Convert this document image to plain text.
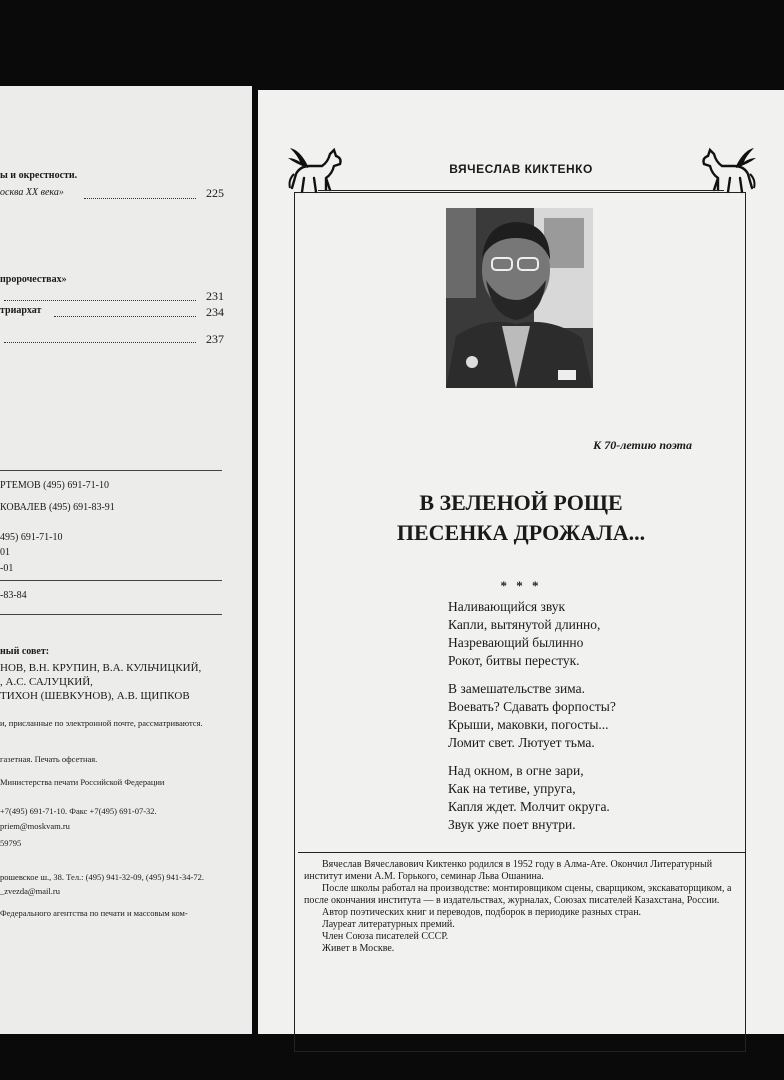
ы и окрестности.
осква XX века»	225
пророчествах»
231
триархат	234
237
РТЕМОВ (495) 691-71-10
КОВАЛЕВ (495) 691-83-91
495) 691-71-10
01
-01
-83-84
ный совет:
НОВ, В.Н. КРУПИН, В.А. КУЛЬЧИЦКИЙ,
, А.С. САЛУЦКИЙ,
ТИХОН (ШЕВКУНОВ), А.В. ЩИПКОВ
и, присланные по электронной почте, рассматриваются.
газетная. Печать офсетная.
Министерства печати Российской Федерации
+7(495) 691-71-10. Факс +7(495) 691-07-32.
priem@moskvam.ru
59795
рошевское ш., 38. Тел.: (495) 941-32-09, (495) 941-34-72.
_zvezda@mail.ru
Федерального агентства по печати и массовым ком-
ВЯЧЕСЛАВ КИКТЕНКО
К 70-летию поэта
В ЗЕЛЕНОЙ РОЩЕ
ПЕСЕНКА ДРОЖАЛА...
* * *
Наливающийся звук
Капли, вытянутой длинно,
Назревающий былинно
Рокот, битвы перестук.
В замешательстве зима.
Воевать? Сдавать форпосты?
Крыши, маковки, погосты...
Ломит свет. Лютует тьма.
Над окном, в огне зари,
Как на тетиве, упруга,
Капля ждет. Молчит округа.
Звук уже поет внутри.

Вячеслав Вячеславович Киктенко родился в 1952 году в Алма-Ате. Окончил Литературный институт имени А.М. Горького, семинар Льва Ошанина.

После школы работал на производстве: монтировщиком сцены, сварщиком, экскаваторщиком, а после окончания института — в издательствах, журналах, Союзах писателей Казахстана, России.

Автор поэтических книг и переводов, подборок в периодике разных стран.

Лауреат литературных премий.

Член Союза писателей СССР.

Живет в Москве.
